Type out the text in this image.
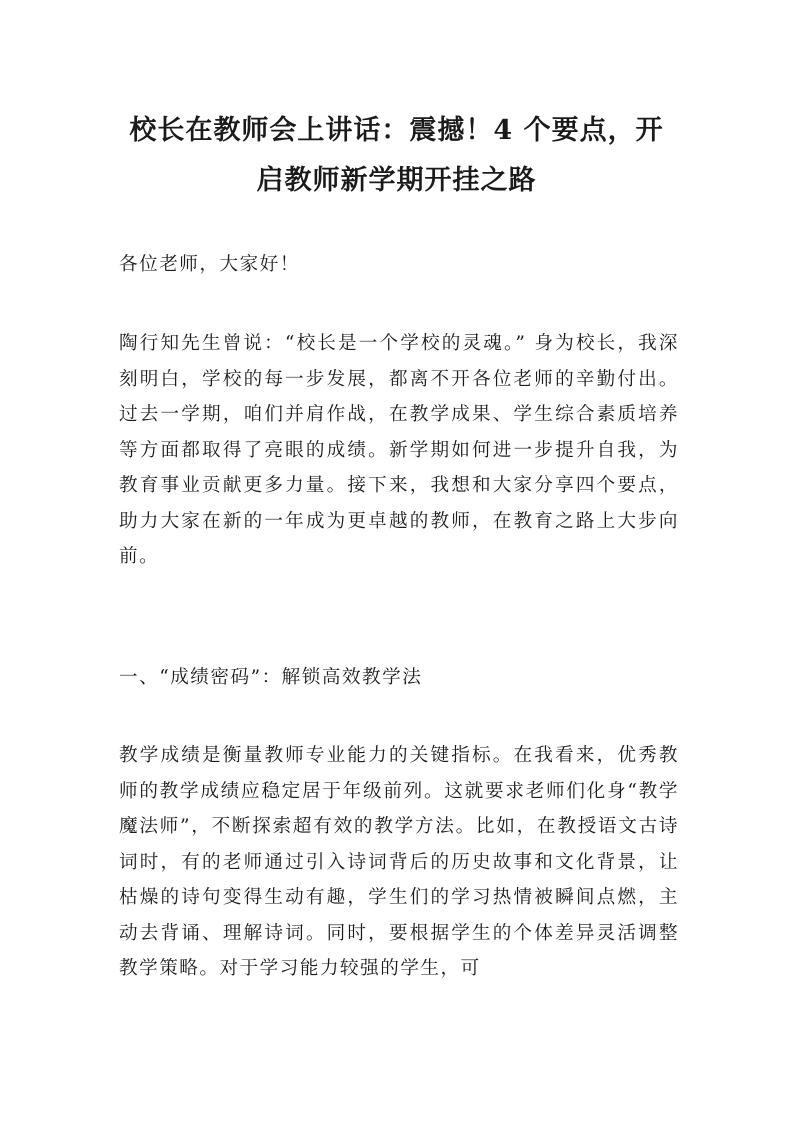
校长在教师会上讲话：震撼！4 个要点，开
启教师新学期开挂之路

各位老师，大家好！

陶行知先生曾说：“校长是一个学校的灵魂。” 身为校长，我深刻明白，学校的每一步发展，都离不开各位老师的辛勤付出。过去一学期，咱们并肩作战，在教学成果、学生综合素质培养等方面都取得了亮眼的成绩。新学期如何进一步提升自我，为教育事业贡献更多力量。接下来，我想和大家分享四个要点，助力大家在新的一年成为更卓越的教师，在教育之路上大步向前。

一、“成绩密码”：解锁高效教学法

教学成绩是衡量教师专业能力的关键指标。在我看来，优秀教师的教学成绩应稳定居于年级前列。这就要求老师们化身“教学魔法师”，不断探索超有效的教学方法。比如，在教授语文古诗词时，有的老师通过引入诗词背后的历史故事和文化背景，让枯燥的诗句变得生动有趣，学生们的学习热情被瞬间点燃，主动去背诵、理解诗词。同时，要根据学生的个体差异灵活调整教学策略。对于学习能力较强的学生，可
